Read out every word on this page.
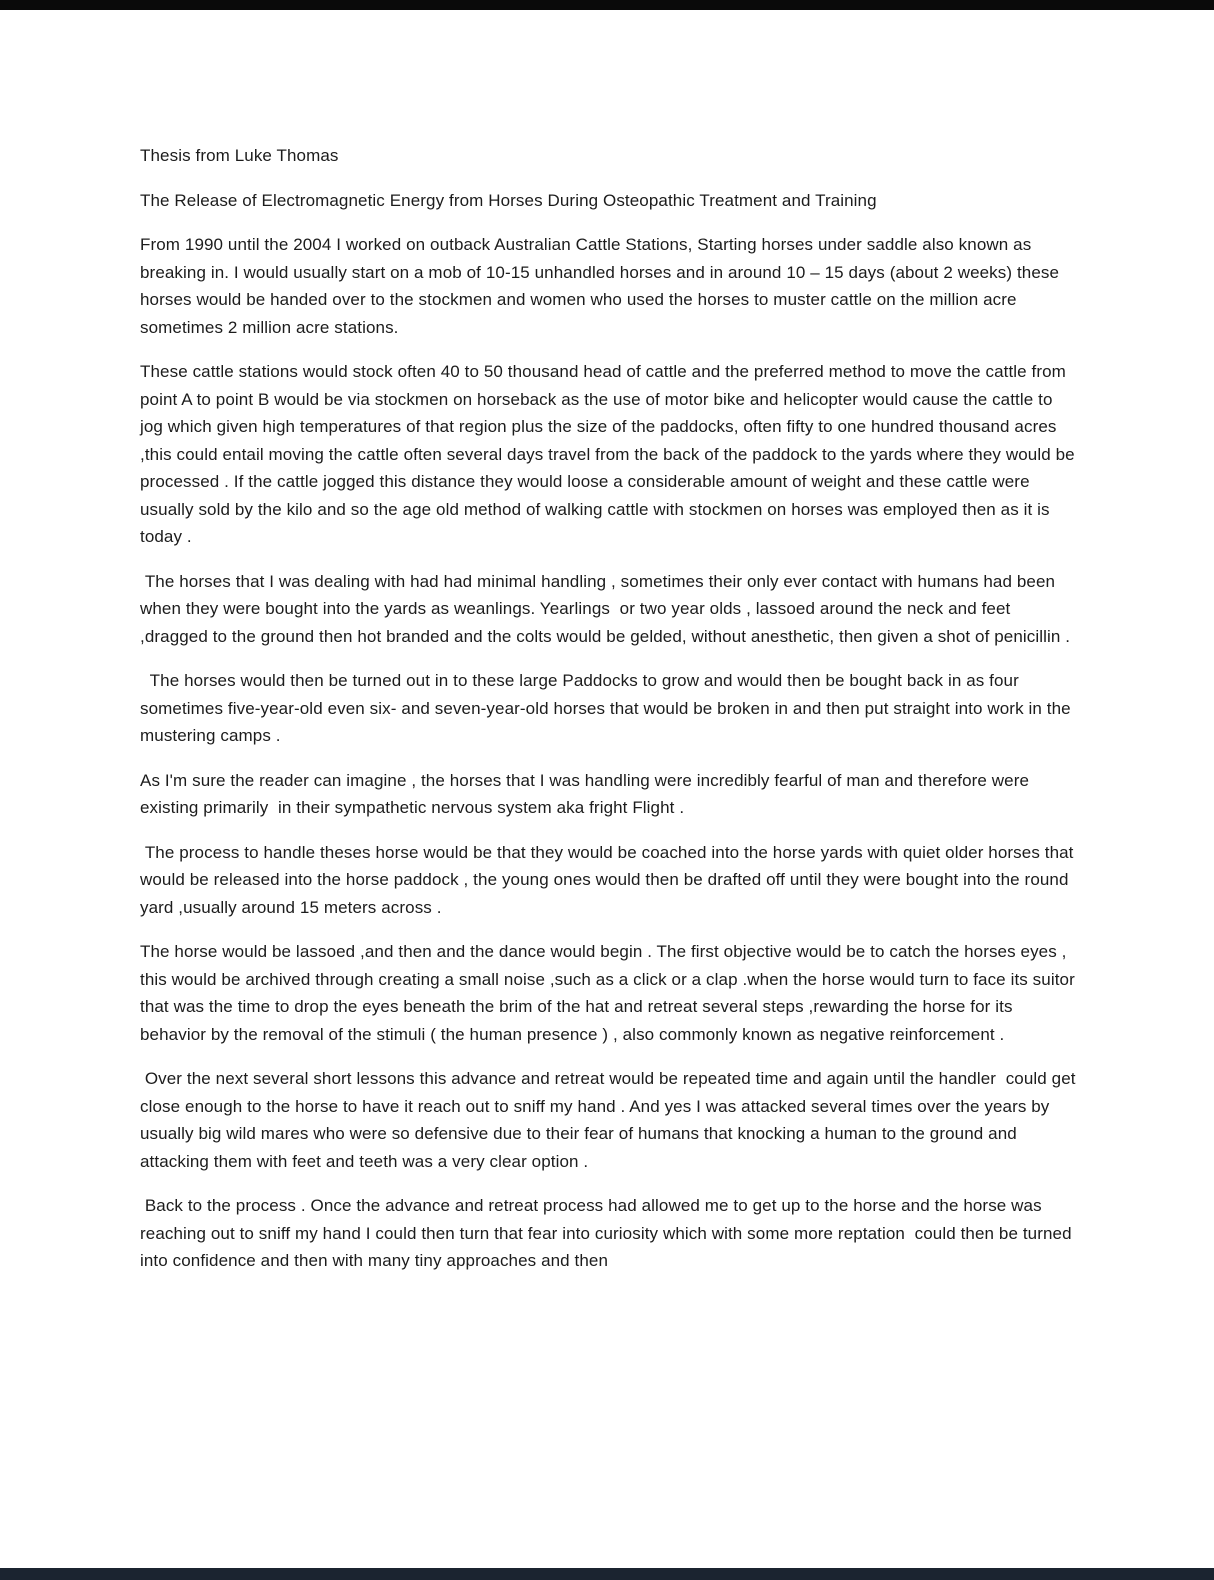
Thesis from Luke Thomas

The Release of Electromagnetic Energy from Horses During Osteopathic Treatment and Training

From 1990 until the 2004 I worked on outback Australian Cattle Stations, Starting horses under saddle also known as breaking in. I would usually start on a mob of 10-15 unhandled horses and in around 10 – 15 days (about 2 weeks) these horses would be handed over to the stockmen and women who used the horses to muster cattle on the million acre sometimes 2 million acre stations.

These cattle stations would stock often 40 to 50 thousand head of cattle and the preferred method to move the cattle from point A to point B would be via stockmen on horseback as the use of motor bike and helicopter would cause the cattle to jog which given high temperatures of that region plus the size of the paddocks, often fifty to one hundred thousand acres ,this could entail moving the cattle often several days travel from the back of the paddock to the yards where they would be processed . If the cattle jogged this distance they would loose a considerable amount of weight and these cattle were usually sold by the kilo and so the age old method of walking cattle with stockmen on horses was employed then as it is today .

The horses that I was dealing with had had minimal handling , sometimes their only ever contact with humans had been when they were bought into the yards as weanlings. Yearlings  or two year olds , lassoed around the neck and feet ,dragged to the ground then hot branded and the colts would be gelded, without anesthetic, then given a shot of penicillin .

The horses would then be turned out in to these large Paddocks to grow and would then be bought back in as four sometimes five-year-old even six- and seven-year-old horses that would be broken in and then put straight into work in the mustering camps .

As I'm sure the reader can imagine , the horses that I was handling were incredibly fearful of man and therefore were existing primarily  in their sympathetic nervous system aka fright Flight .

The process to handle theses horse would be that they would be coached into the horse yards with quiet older horses that would be released into the horse paddock , the young ones would then be drafted off until they were bought into the round yard ,usually around 15 meters across .

The horse would be lassoed ,and then and the dance would begin . The first objective would be to catch the horses eyes , this would be archived through creating a small noise ,such as a click or a clap .when the horse would turn to face its suitor that was the time to drop the eyes beneath the brim of the hat and retreat several steps ,rewarding the horse for its behavior by the removal of the stimuli ( the human presence ) , also commonly known as negative reinforcement .

Over the next several short lessons this advance and retreat would be repeated time and again until the handler  could get close enough to the horse to have it reach out to sniff my hand . And yes I was attacked several times over the years by usually big wild mares who were so defensive due to their fear of humans that knocking a human to the ground and attacking them with feet and teeth was a very clear option .

Back to the process . Once the advance and retreat process had allowed me to get up to the horse and the horse was reaching out to sniff my hand I could then turn that fear into curiosity which with some more reptation  could then be turned into confidence and then with many tiny approaches and then
